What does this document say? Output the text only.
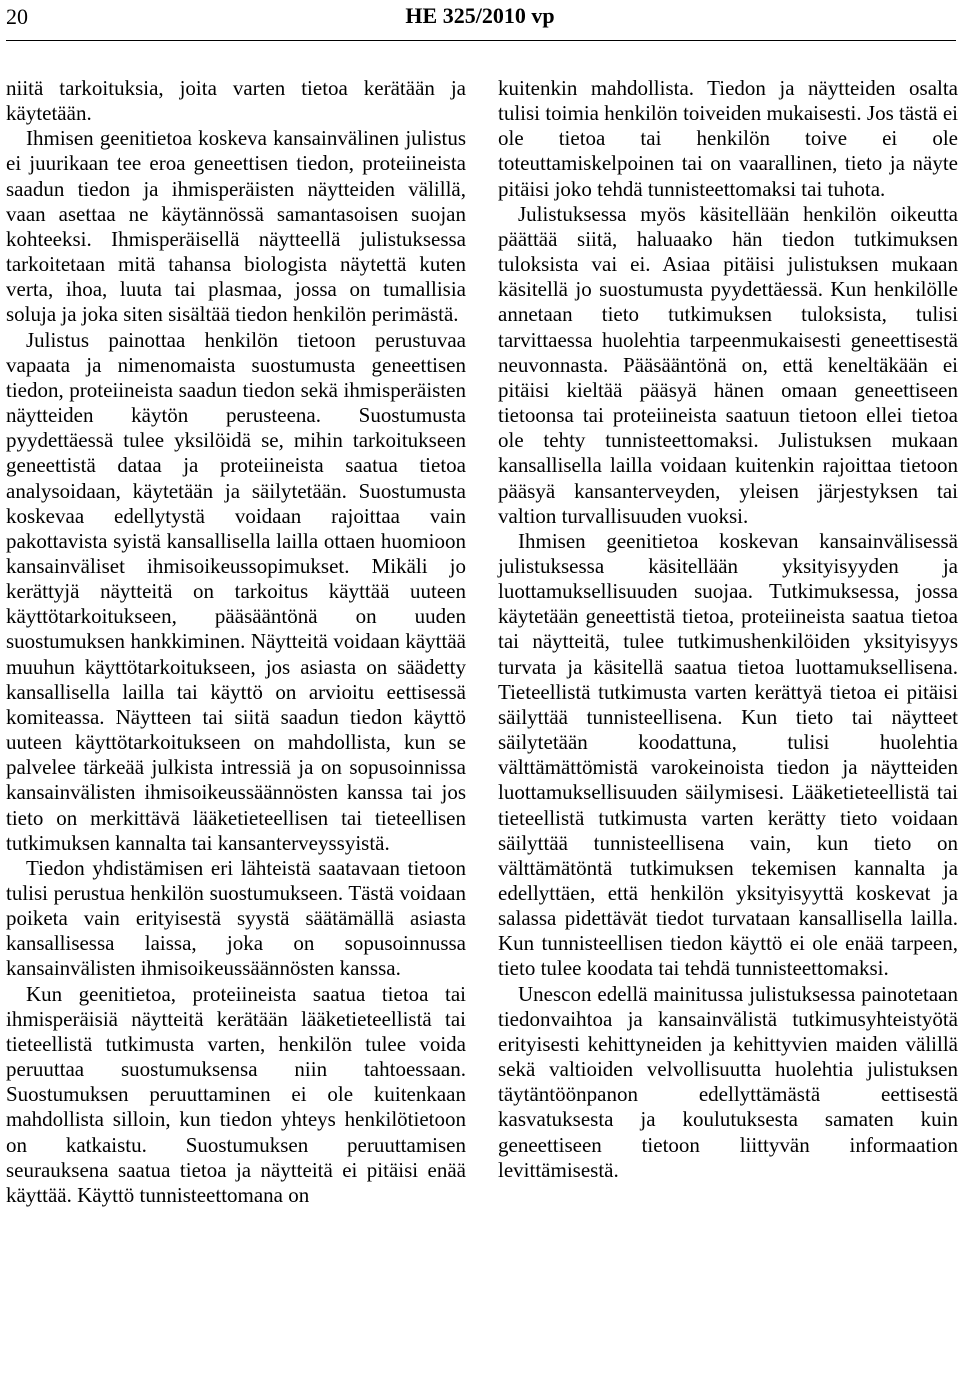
20	HE 325/2010 vp

niitä tarkoituksia, joita varten tietoa kerätään ja käytetään.

Ihmisen geenitietoa koskeva kansainvälinen julistus ei juurikaan tee eroa geneettisen tiedon, proteiineista saadun tiedon ja ihmisperäisten näytteiden välillä, vaan asettaa ne käytännössä samantasoisen suojan kohteeksi. Ihmisperäisellä näytteellä julistuksessa tarkoitetaan mitä tahansa biologista näytettä kuten verta, ihoa, luuta tai plasmaa, jossa on tumallisia soluja ja joka siten sisältää tiedon henkilön perimästä.

Julistus painottaa henkilön tietoon perustuvaa vapaata ja nimenomaista suostumusta geneettisen tiedon, proteiineista saadun tiedon sekä ihmisperäisten näytteiden käytön perusteena. Suostumusta pyydettäessä tulee yksilöidä se, mihin tarkoitukseen geneettistä dataa ja proteiineista saatua tietoa analysoidaan, käytetään ja säilytetään. Suostumusta koskevaa edellytystä voidaan rajoittaa vain pakottavista syistä kansallisella lailla ottaen huomioon kansainväliset ihmisoikeussopimukset. Mikäli jo kerättyjä näytteitä on tarkoitus käyttää uuteen käyttötarkoitukseen, pääsääntönä on uuden suostumuksen hankkiminen. Näytteitä voidaan käyttää muuhun käyttötarkoitukseen, jos asiasta on säädetty kansallisella lailla tai käyttö on arvioitu eettisessä komiteassa. Näytteen tai siitä saadun tiedon käyttö uuteen käyttötarkoitukseen on mahdollista, kun se palvelee tärkeää julkista intressiä ja on sopusoinnissa kansainvälisten ihmisoikeussäännösten kanssa tai jos tieto on merkittävä lääketieteellisen tai tieteellisen tutkimuksen kannalta tai kansanterveyssyistä.

Tiedon yhdistämisen eri lähteistä saatavaan tietoon tulisi perustua henkilön suostumukseen. Tästä voidaan poiketa vain erityisestä syystä säätämällä asiasta kansallisessa laissa, joka on sopusoinnussa kansainvälisten ihmisoikeussäännösten kanssa.

Kun geenitietoa, proteiineista saatua tietoa tai ihmisperäisiä näytteitä kerätään lääketieteellistä tai tieteellistä tutkimusta varten, henkilön tulee voida peruuttaa suostumuksensa niin tahtoessaan. Suostumuksen peruuttaminen ei ole kuitenkaan mahdollista silloin, kun tiedon yhteys henkilötietoon on katkaistu. Suostumuksen peruuttamisen seurauksena saatua tietoa ja näytteitä ei pitäisi enää käyttää. Käyttö tunnisteettomana on

kuitenkin mahdollista. Tiedon ja näytteiden osalta tulisi toimia henkilön toiveiden mukaisesti. Jos tästä ei ole tietoa tai henkilön toive ei ole toteuttamiskelpoinen tai on vaarallinen, tieto ja näyte pitäisi joko tehdä tunnisteettomaksi tai tuhota.

Julistuksessa myös käsitellään henkilön oikeutta päättää siitä, haluaako hän tiedon tutkimuksen tuloksista vai ei. Asiaa pitäisi julistuksen mukaan käsitellä jo suostumusta pyydettäessä. Kun henkilölle annetaan tieto tutkimuksen tuloksista, tulisi tarvittaessa huolehtia tarpeenmukaisesti geneettisestä neuvonnasta. Pääsääntönä on, että keneltäkään ei pitäisi kieltää pääsyä hänen omaan geneettiseen tietoonsa tai proteiineista saatuun tietoon ellei tietoa ole tehty tunnisteettomaksi. Julistuksen mukaan kansallisella lailla voidaan kuitenkin rajoittaa tietoon pääsyä kansanterveyden, yleisen järjestyksen tai valtion turvallisuuden vuoksi.

Ihmisen geenitietoa koskevan kansainvälisessä julistuksessa käsitellään yksityisyyden ja luottamuksellisuuden suojaa. Tutkimuksessa, jossa käytetään geneettistä tietoa, proteiineista saatua tietoa tai näytteitä, tulee tutkimushenkilöiden yksityisyys turvata ja käsitellä saatua tietoa luottamuksellisena. Tieteellistä tutkimusta varten kerättyä tietoa ei pitäisi säilyttää tunnisteellisena. Kun tieto tai näytteet säilytetään koodattuna, tulisi huolehtia välttämättömistä varokeinoista tiedon ja näytteiden luottamuksellisuuden säilymisesi. Lääketieteellistä tai tieteellistä tutkimusta varten kerätty tieto voidaan säilyttää tunnisteellisena vain, kun tieto on välttämätöntä tutkimuksen tekemisen kannalta ja edellyttäen, että henkilön yksityisyyttä koskevat ja salassa pidettävät tiedot turvataan kansallisella lailla. Kun tunnisteellisen tiedon käyttö ei ole enää tarpeen, tieto tulee koodata tai tehdä tunnisteettomaksi.

Unescon edellä mainitussa julistuksessa painotetaan tiedonvaihtoa ja kansainvälistä tutkimusyhteistyötä erityisesti kehittyneiden ja kehittyvien maiden välillä sekä valtioiden velvollisuutta huolehtia julistuksen täytäntöönpanon edellyttämästä eettisestä kasvatuksesta ja koulutuksesta samaten kuin geneettiseen tietoon liittyvän informaation levittämisestä.
